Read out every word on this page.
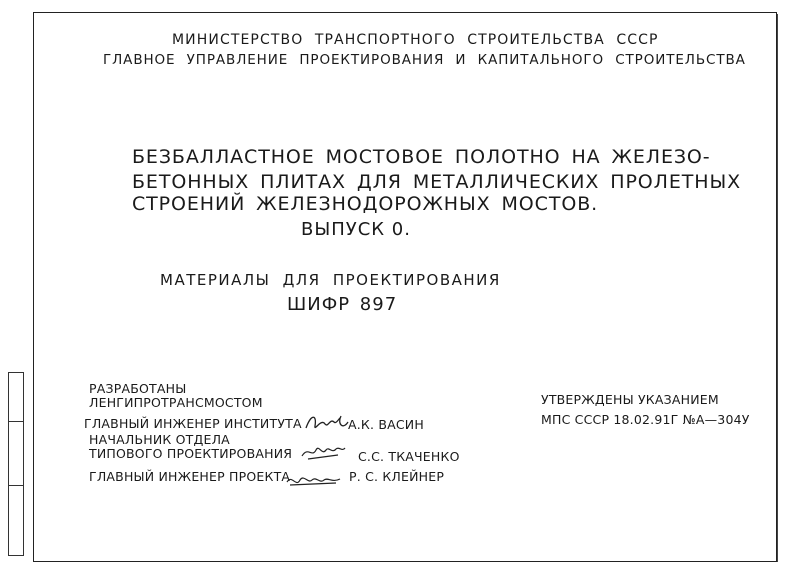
МИНИСТЕРСТВО ТРАНСПОРТНОГО СТРОИТЕЛЬСТВА СССР
ГЛАВНОЕ УПРАВЛЕНИЕ ПРОЕКТИРОВАНИЯ И КАПИТАЛЬНОГО СТРОИТЕЛЬСТВА
БЕЗБАЛЛАСТНОЕ МОСТОВОЕ ПОЛОТНО НА ЖЕЛЕЗО-
БЕТОННЫХ ПЛИТАХ ДЛЯ МЕТАЛЛИЧЕСКИХ ПРОЛЕТНЫХ
СТРОЕНИЙ ЖЕЛЕЗНОДОРОЖНЫХ МОСТОВ.
ВЫПУСК 0.
МАТЕРИАЛЫ ДЛЯ ПРОЕКТИРОВАНИЯ
ШИФР 897
РАЗРАБОТАНЫ
ЛЕНГИПРОТРАНСМОСТОМ
ГЛАВНЫЙ ИНЖЕНЕР ИНСТИТУТА	А.К. ВАСИН
НАЧАЛЬНИК ОТДЕЛА
ТИПОВОГО ПРОЕКТИРОВАНИЯ	С.С. ТКАЧЕНКО
ГЛАВНЫЙ ИНЖЕНЕР ПРОЕКТА	Р. С. КЛЕЙНЕР
УТВЕРЖДЕНЫ УКАЗАНИЕМ
МПС СССР 18.02.91Г №А—304У
